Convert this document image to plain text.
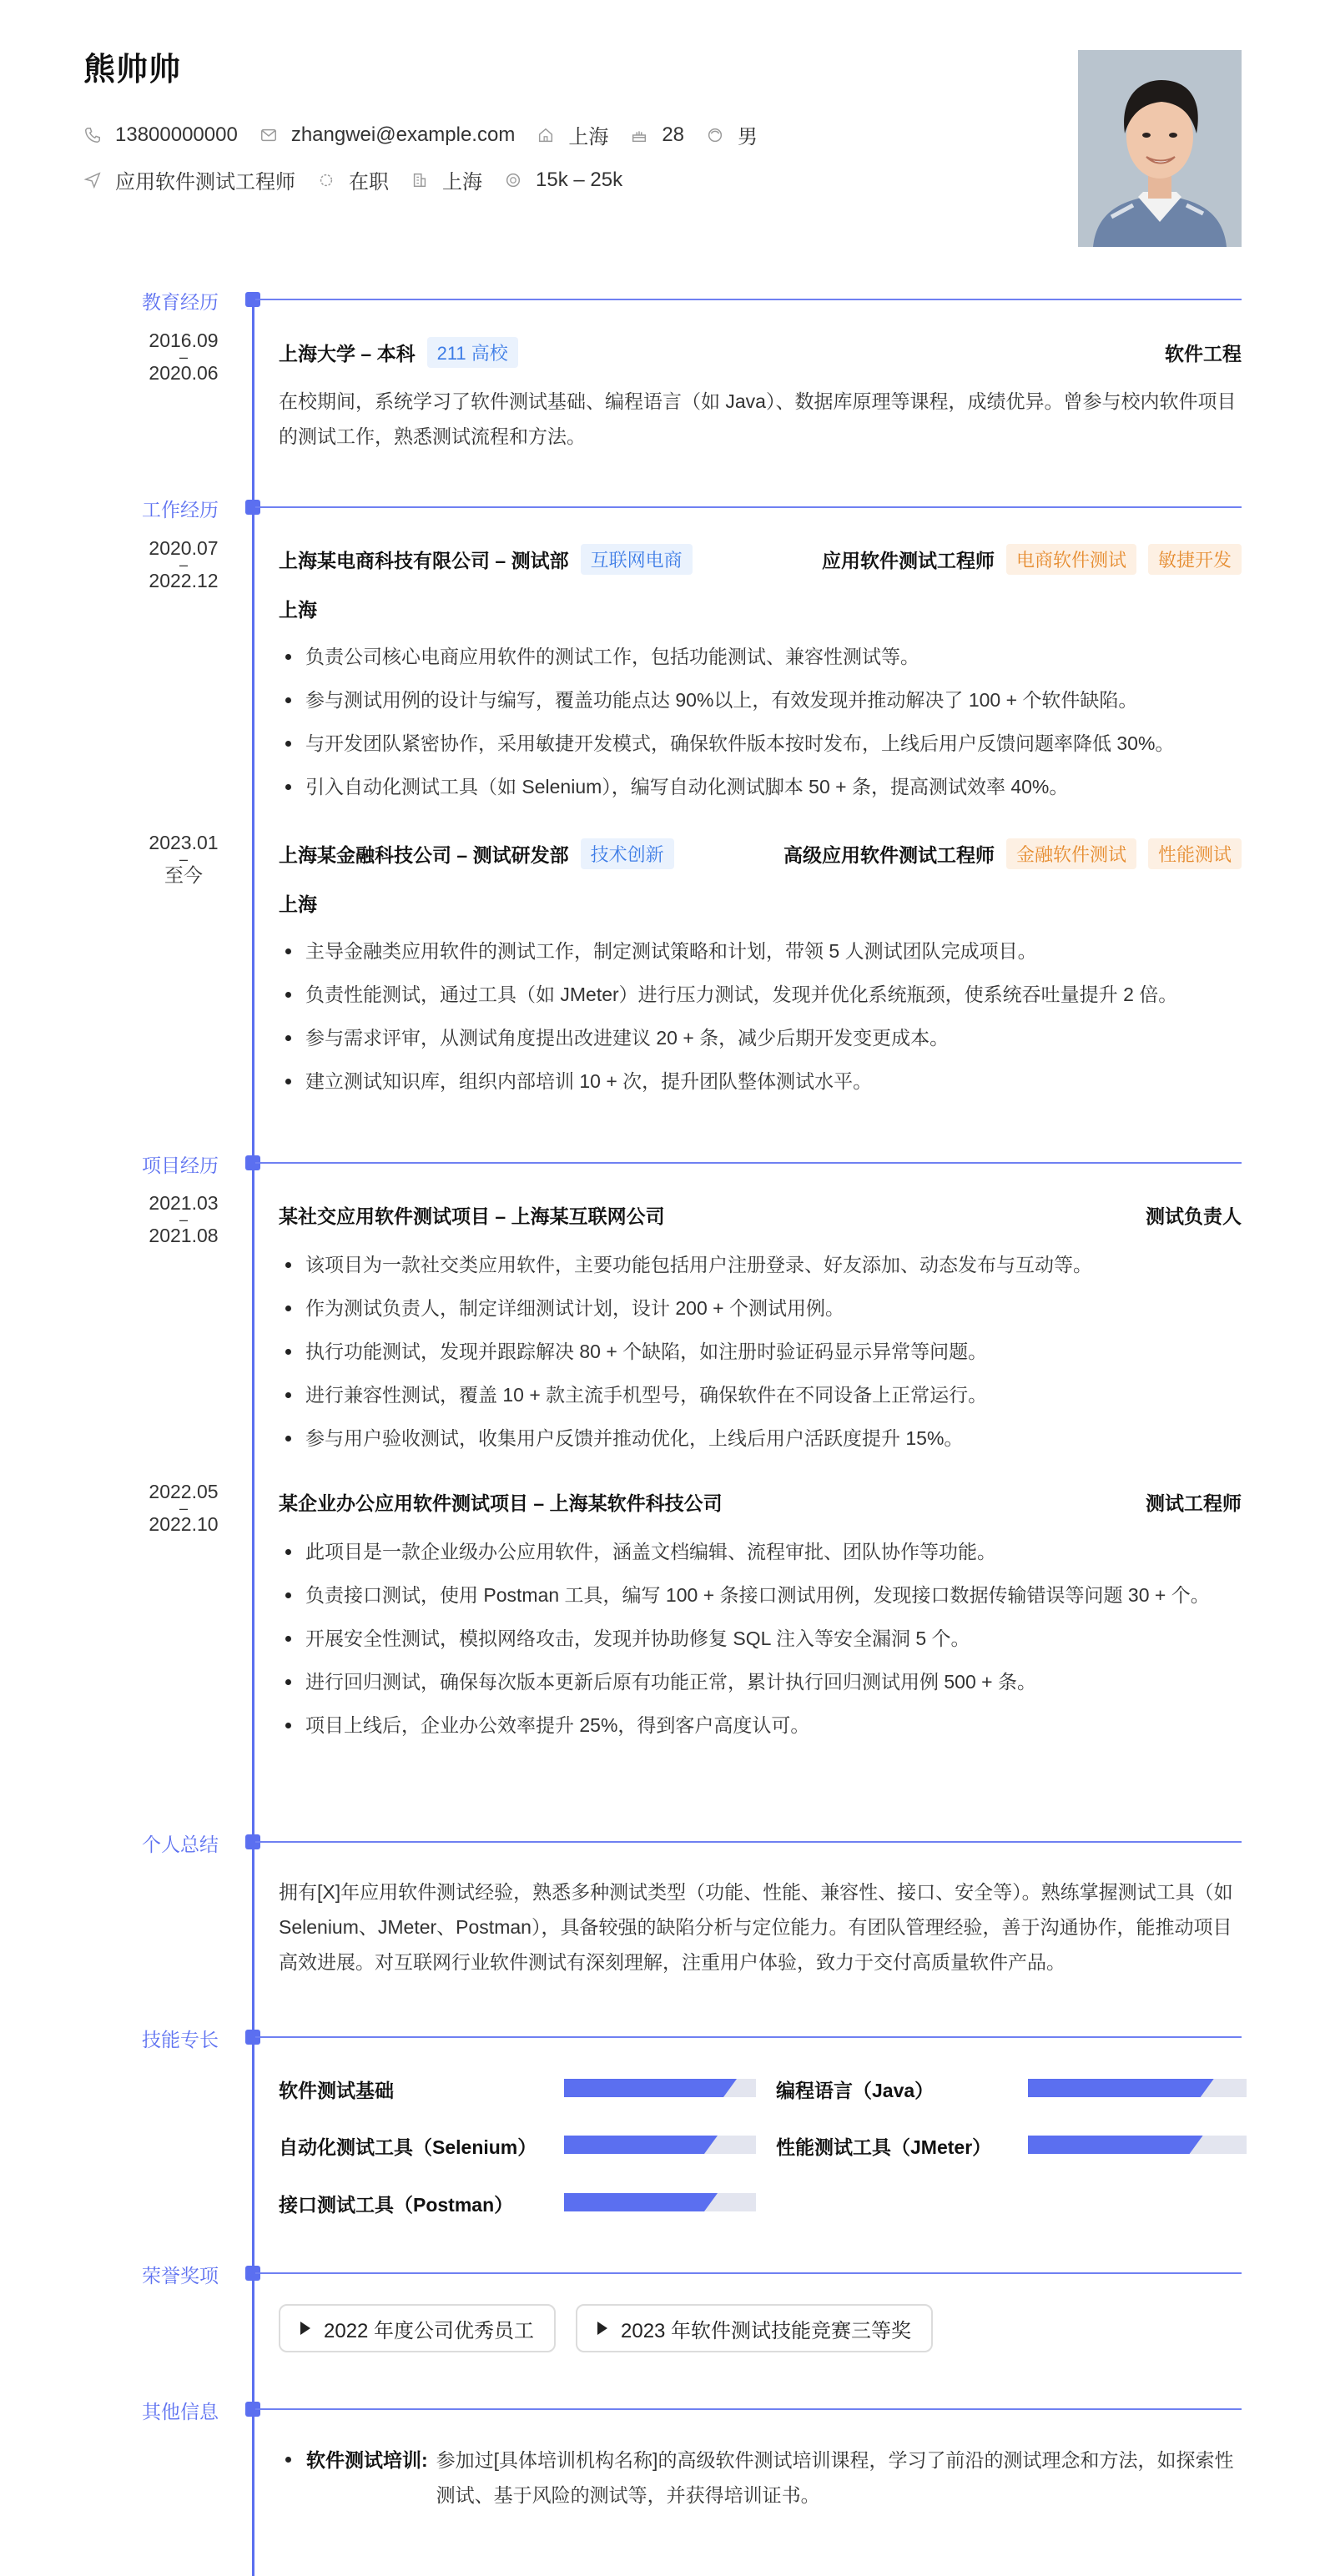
熊帅帅
13800000000	zhangwei@example.com	上海	28	男
应用软件测试工程师	在职	上海	15k – 25k
教育经历
2016.09
–
2020.06
上海大学 – 本科	211 高校	软件工程
在校期间，系统学习了软件测试基础、编程语言（如 Java）、数据库原理等课程，成绩优异。曾参与校内软件项目的测试工作，熟悉测试流程和方法。
工作经历
2020.07
–
2022.12
上海某电商科技有限公司 – 测试部	互联网电商	应用软件测试工程师	电商软件测试	敏捷开发
上海
负责公司核心电商应用软件的测试工作，包括功能测试、兼容性测试等。
参与测试用例的设计与编写，覆盖功能点达 90%以上，有效发现并推动解决了 100 + 个软件缺陷。
与开发团队紧密协作，采用敏捷开发模式，确保软件版本按时发布，上线后用户反馈问题率降低 30%。
引入自动化测试工具（如 Selenium），编写自动化测试脚本 50 + 条，提高测试效率 40%。
2023.01
–
至今
上海某金融科技公司 – 测试研发部	技术创新	高级应用软件测试工程师	金融软件测试	性能测试
上海
主导金融类应用软件的测试工作，制定测试策略和计划，带领 5 人测试团队完成项目。
负责性能测试，通过工具（如 JMeter）进行压力测试，发现并优化系统瓶颈，使系统吞吐量提升 2 倍。
参与需求评审，从测试角度提出改进建议 20 + 条，减少后期开发变更成本。
建立测试知识库，组织内部培训 10 + 次，提升团队整体测试水平。
项目经历
2021.03
–
2021.08
某社交应用软件测试项目 – 上海某互联网公司	测试负责人
该项目为一款社交类应用软件，主要功能包括用户注册登录、好友添加、动态发布与互动等。
作为测试负责人，制定详细测试计划，设计 200 + 个测试用例。
执行功能测试，发现并跟踪解决 80 + 个缺陷，如注册时验证码显示异常等问题。
进行兼容性测试，覆盖 10 + 款主流手机型号，确保软件在不同设备上正常运行。
参与用户验收测试，收集用户反馈并推动优化，上线后用户活跃度提升 15%。
2022.05
–
2022.10
某企业办公应用软件测试项目 – 上海某软件科技公司	测试工程师
此项目是一款企业级办公应用软件，涵盖文档编辑、流程审批、团队协作等功能。
负责接口测试，使用 Postman 工具，编写 100 + 条接口测试用例，发现接口数据传输错误等问题 30 + 个。
开展安全性测试，模拟网络攻击，发现并协助修复 SQL 注入等安全漏洞 5 个。
进行回归测试，确保每次版本更新后原有功能正常，累计执行回归测试用例 500 + 条。
项目上线后，企业办公效率提升 25%，得到客户高度认可。
个人总结
拥有[X]年应用软件测试经验，熟悉多种测试类型（功能、性能、兼容性、接口、安全等）。熟练掌握测试工具（如 Selenium、JMeter、Postman），具备较强的缺陷分析与定位能力。有团队管理经验，善于沟通协作，能推动项目高效进展。对互联网行业软件测试有深刻理解，注重用户体验，致力于交付高质量软件产品。
技能专长
软件测试基础	编程语言（Java）
自动化测试工具（Selenium）	性能测试工具（JMeter）
接口测试工具（Postman）
荣誉奖项
2022 年度公司优秀员工	2023 年软件测试技能竞赛三等奖
其他信息
软件测试培训: 参加过[具体培训机构名称]的高级软件测试培训课程，学习了前沿的测试理念和方法，如探索性测试、基于风险的测试等，并获得培训证书。
